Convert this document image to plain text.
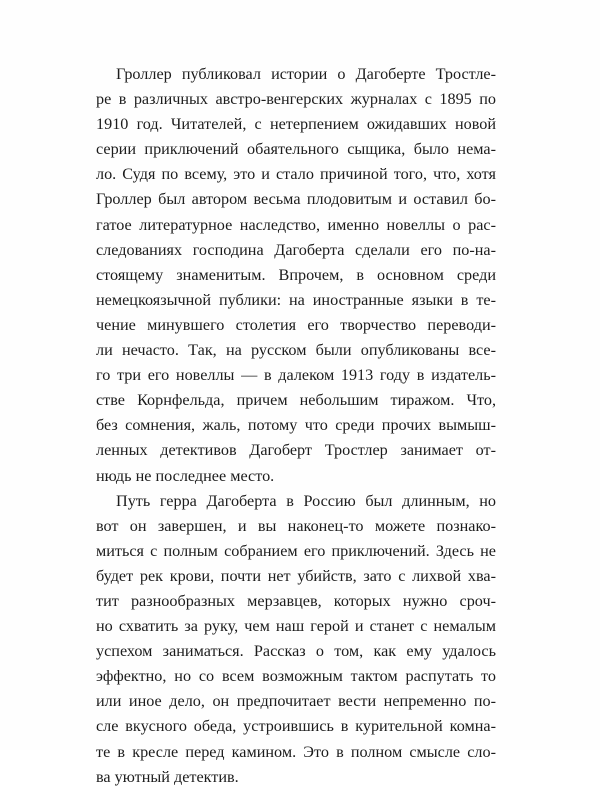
Гроллер публиковал истории о Дагоберте Тростле-
ре в различных австро-венгерских журналах с 1895 по
1910 год. Читателей, с нетерпением ожидавших новой
серии приключений обаятельного сыщика, было нема-
ло. Судя по всему, это и стало причиной того, что, хотя
Гроллер был автором весьма плодовитым и оставил бо-
гатое литературное наследство, именно новеллы о рас-
следованиях господина Дагоберта сделали его по-на-
стоящему знаменитым. Впрочем, в основном среди
немецкоязычной публики: на иностранные языки в те-
чение минувшего столетия его творчество переводи-
ли нечасто. Так, на русском были опубликованы все-
го три его новеллы — в далеком 1913 году в издатель-
стве Корнфельда, причем небольшим тиражом. Что,
без сомнения, жаль, потому что среди прочих вымыш-
ленных детективов Дагоберт Тростлер занимает от-
нюдь не последнее место.
Путь герра Дагоберта в Россию был длинным, но
вот он завершен, и вы наконец-то можете познако-
миться с полным собранием его приключений. Здесь не
будет рек крови, почти нет убийств, зато с лихвой хва-
тит разнообразных мерзавцев, которых нужно сроч-
но схватить за руку, чем наш герой и станет с немалым
успехом заниматься. Рассказ о том, как ему удалось
эффектно, но со всем возможным тактом распутать то
или иное дело, он предпочитает вести непременно по-
сле вкусного обеда, устроившись в курительной комна-
те в кресле перед камином. Это в полном смысле сло-
ва уютный детектив.
